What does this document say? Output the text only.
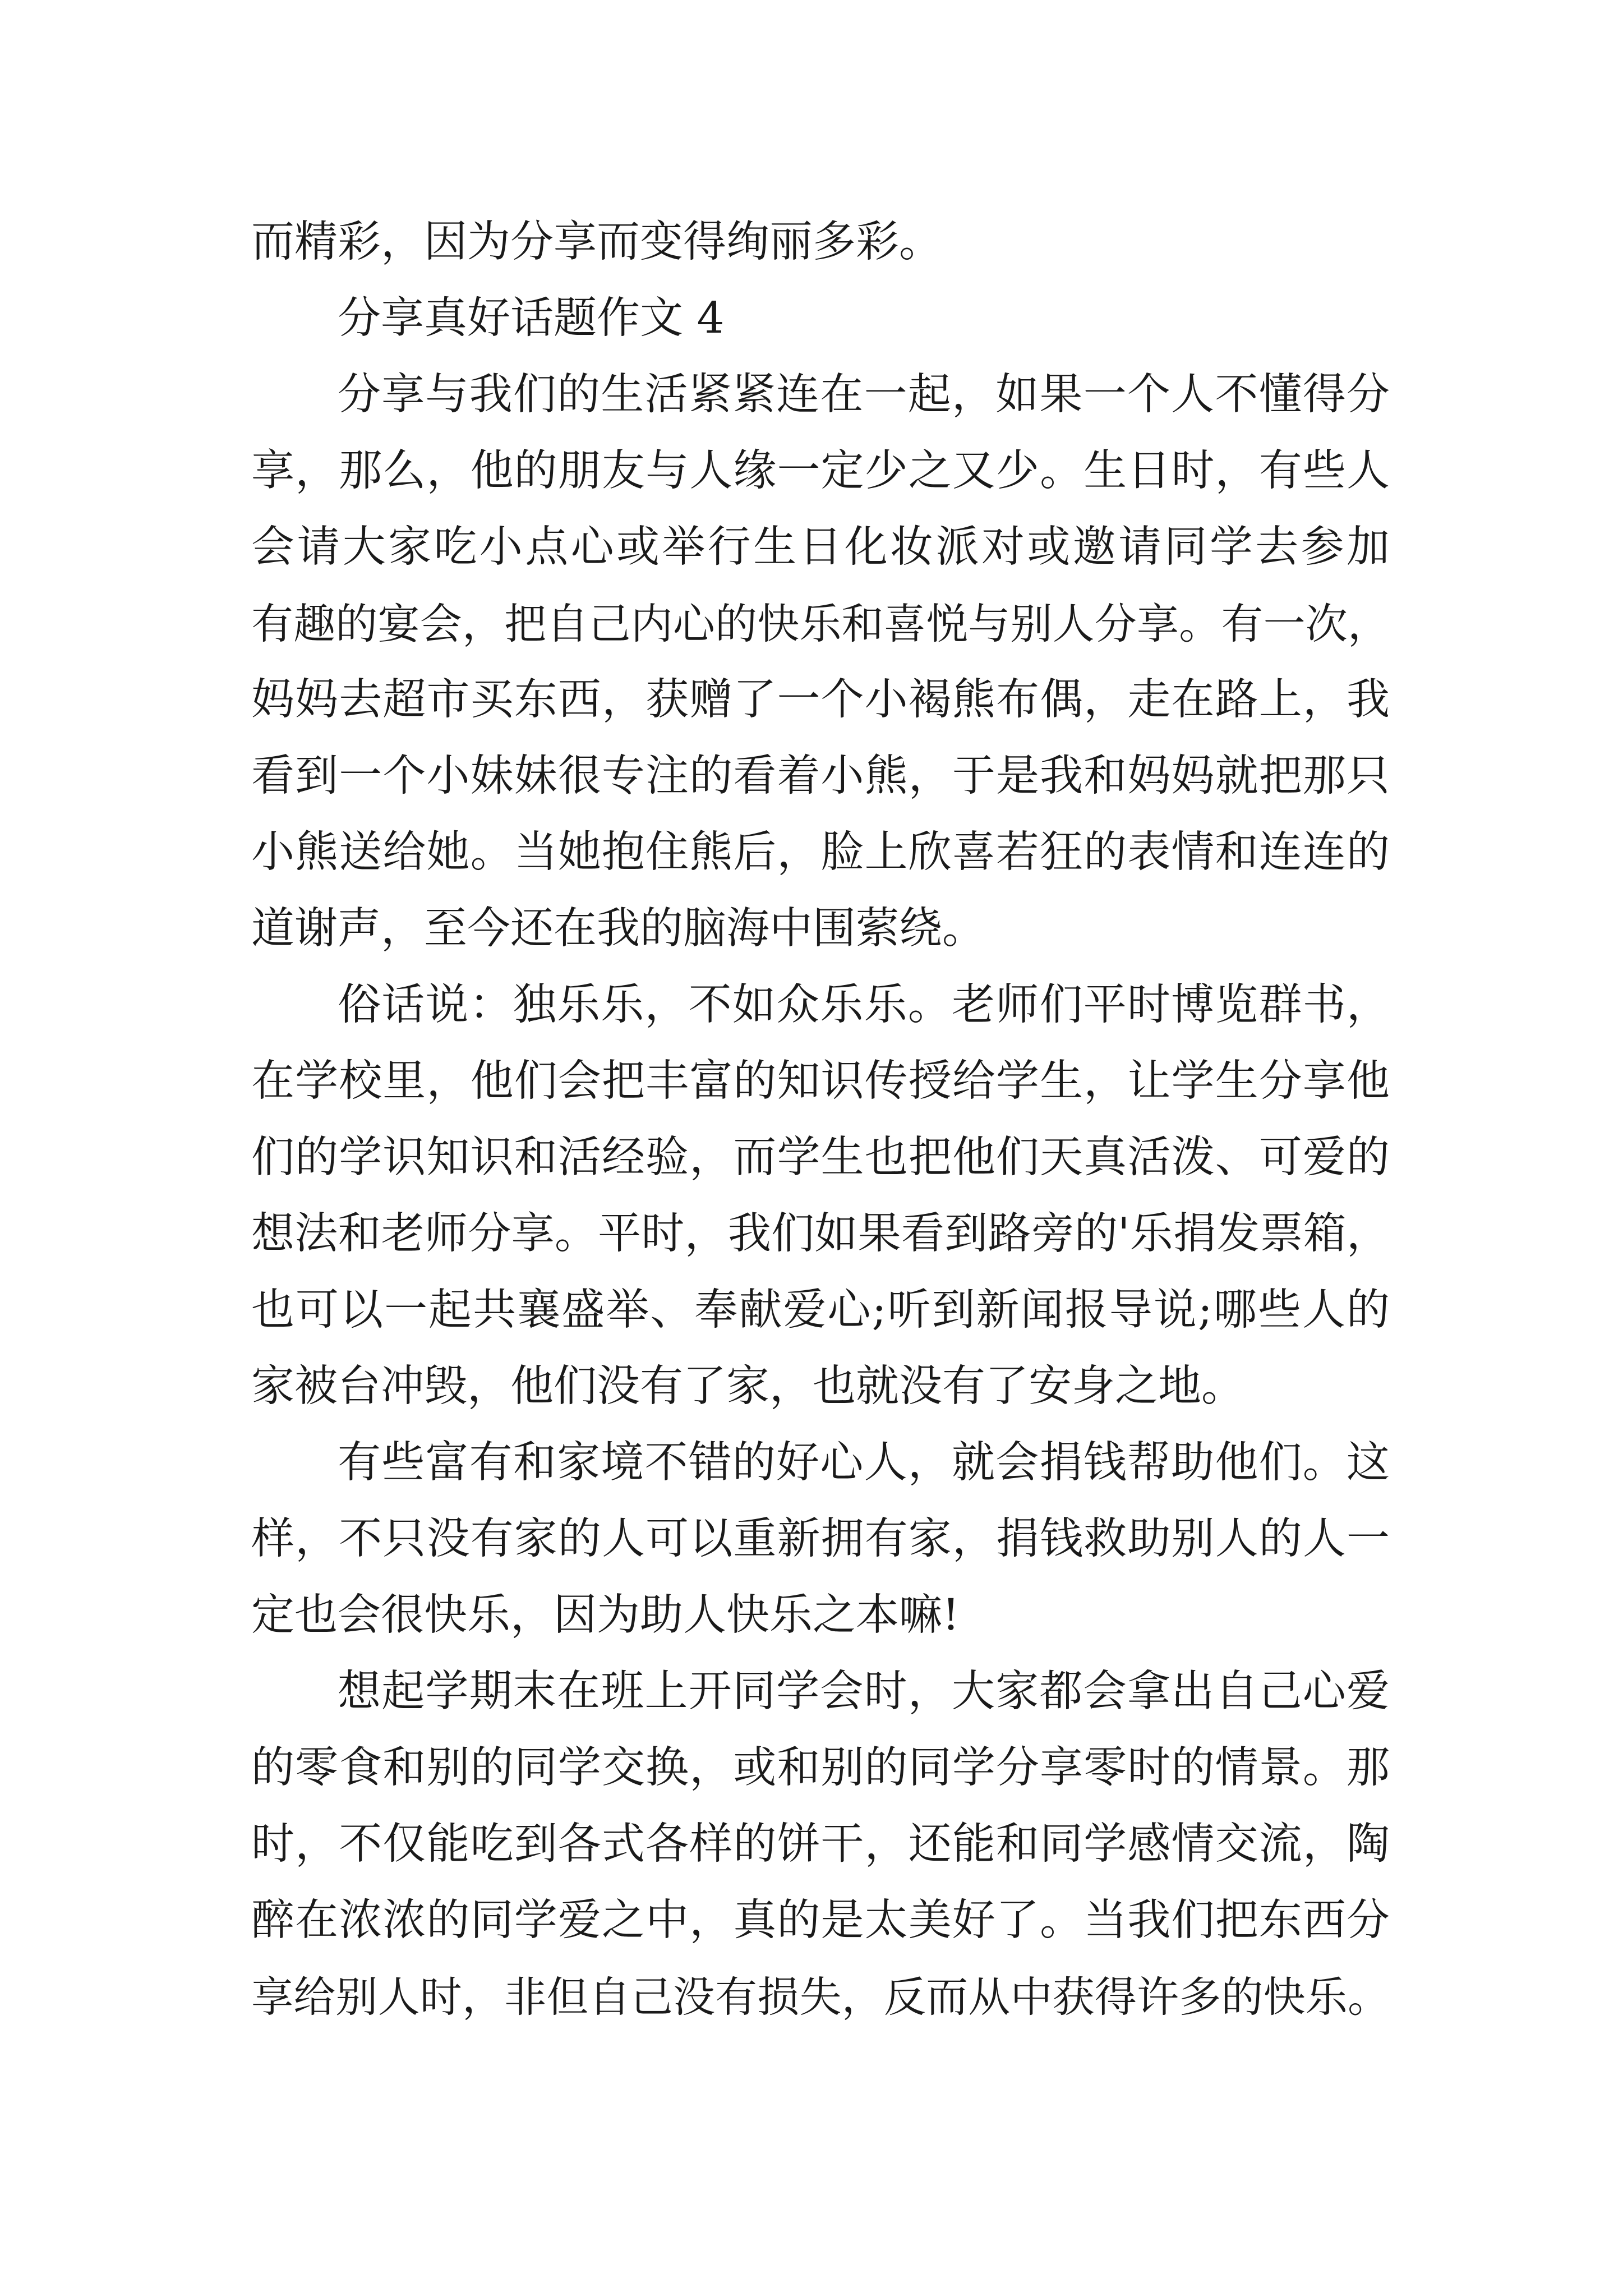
而精彩，因为分享而变得绚丽多彩。
分享真好话题作文 4
分享与我们的生活紧紧连在一起，如果一个人不懂得分
享，那么，他的朋友与人缘一定少之又少。生日时，有些人
会请大家吃小点心或举行生日化妆派对或邀请同学去参加
有趣的宴会，把自己内心的快乐和喜悦与别人分享。有一次，
妈妈去超市买东西，获赠了一个小褐熊布偶，走在路上，我
看到一个小妹妹很专注的看着小熊，于是我和妈妈就把那只
小熊送给她。当她抱住熊后，脸上欣喜若狂的表情和连连的
道谢声，至今还在我的脑海中围萦绕。
俗话说：独乐乐，不如众乐乐。老师们平时博览群书，
在学校里，他们会把丰富的知识传授给学生，让学生分享他
们的学识知识和活经验，而学生也把他们天真活泼、可爱的
想法和老师分享。平时，我们如果看到路旁的'乐捐发票箱，
也可以一起共襄盛举、奉献爱心;听到新闻报导说;哪些人的
家被台冲毁，他们没有了家，也就没有了安身之地。
有些富有和家境不错的好心人，就会捐钱帮助他们。这
样，不只没有家的人可以重新拥有家，捐钱救助别人的人一
定也会很快乐，因为助人快乐之本嘛!
想起学期末在班上开同学会时，大家都会拿出自己心爱
的零食和别的同学交换，或和别的同学分享零时的情景。那
时，不仅能吃到各式各样的饼干，还能和同学感情交流，陶
醉在浓浓的同学爱之中，真的是太美好了。当我们把东西分
享给别人时，非但自己没有损失，反而从中获得许多的快乐。
